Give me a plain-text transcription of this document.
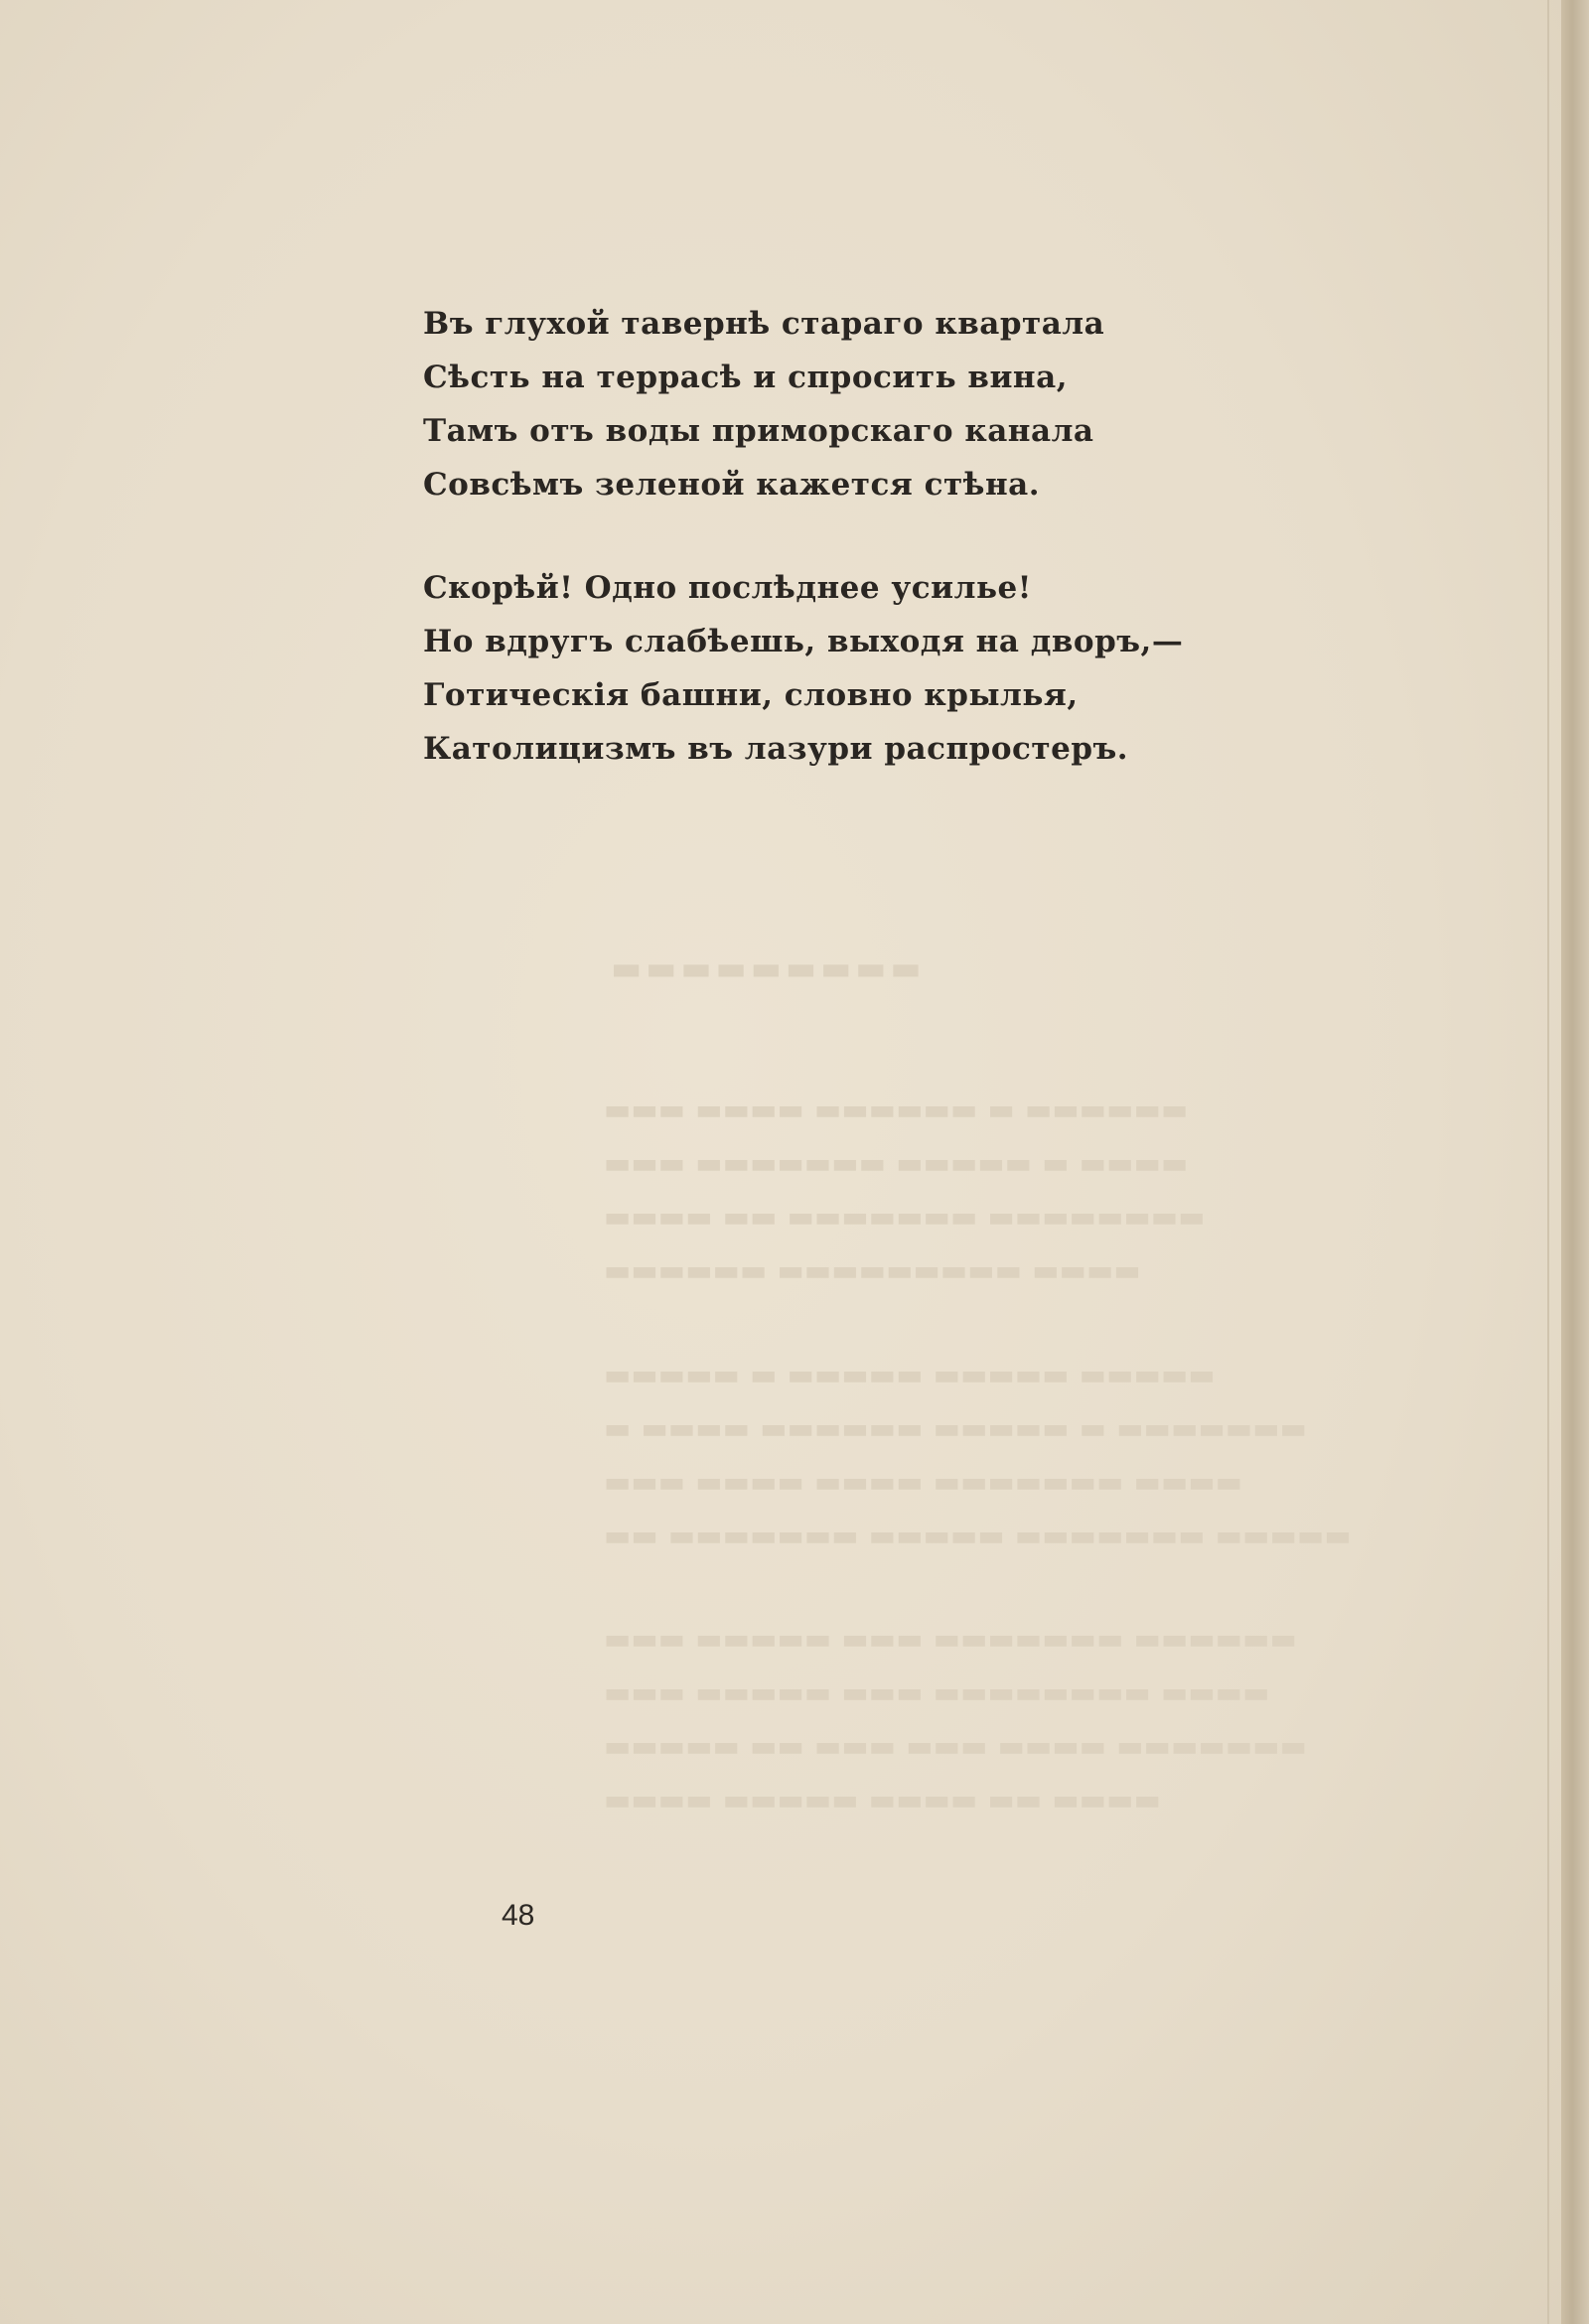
Въ глухой тавернѣ стараго квартала
Сѣсть на террасѣ и спросить вина,
Тамъ отъ воды приморскаго канала
Совсѣмъ зеленой кажется стѣна.
Скорѣй! Одно послѣднее усилье!
Но вдругъ слабѣешь, выходя на дворъ,—
Готическія башни, словно крылья,
Католицизмъ въ лазури распростеръ.
▬▬▬▬▬▬▬▬▬
▬▬▬ ▬▬▬▬ ▬▬▬▬▬▬ ▬ ▬▬▬▬▬▬
▬▬▬ ▬▬▬▬▬▬▬ ▬▬▬▬▬ ▬ ▬▬▬▬
▬▬▬▬ ▬▬ ▬▬▬▬▬▬▬ ▬▬▬▬▬▬▬▬
▬▬▬▬▬▬ ▬▬▬▬▬▬▬▬▬ ▬▬▬▬
▬▬▬▬▬ ▬ ▬▬▬▬▬ ▬▬▬▬▬ ▬▬▬▬▬
▬ ▬▬▬▬ ▬▬▬▬▬▬ ▬▬▬▬▬ ▬ ▬▬▬▬▬▬▬
▬▬▬ ▬▬▬▬ ▬▬▬▬ ▬▬▬▬▬▬▬ ▬▬▬▬
▬▬ ▬▬▬▬▬▬▬ ▬▬▬▬▬ ▬▬▬▬▬▬▬ ▬▬▬▬▬
▬▬▬ ▬▬▬▬▬ ▬▬▬ ▬▬▬▬▬▬▬ ▬▬▬▬▬▬
▬▬▬ ▬▬▬▬▬ ▬▬▬ ▬▬▬▬▬▬▬▬ ▬▬▬▬
▬▬▬▬▬ ▬▬ ▬▬▬ ▬▬▬ ▬▬▬▬ ▬▬▬▬▬▬▬
▬▬▬▬ ▬▬▬▬▬ ▬▬▬▬ ▬▬ ▬▬▬▬
48
